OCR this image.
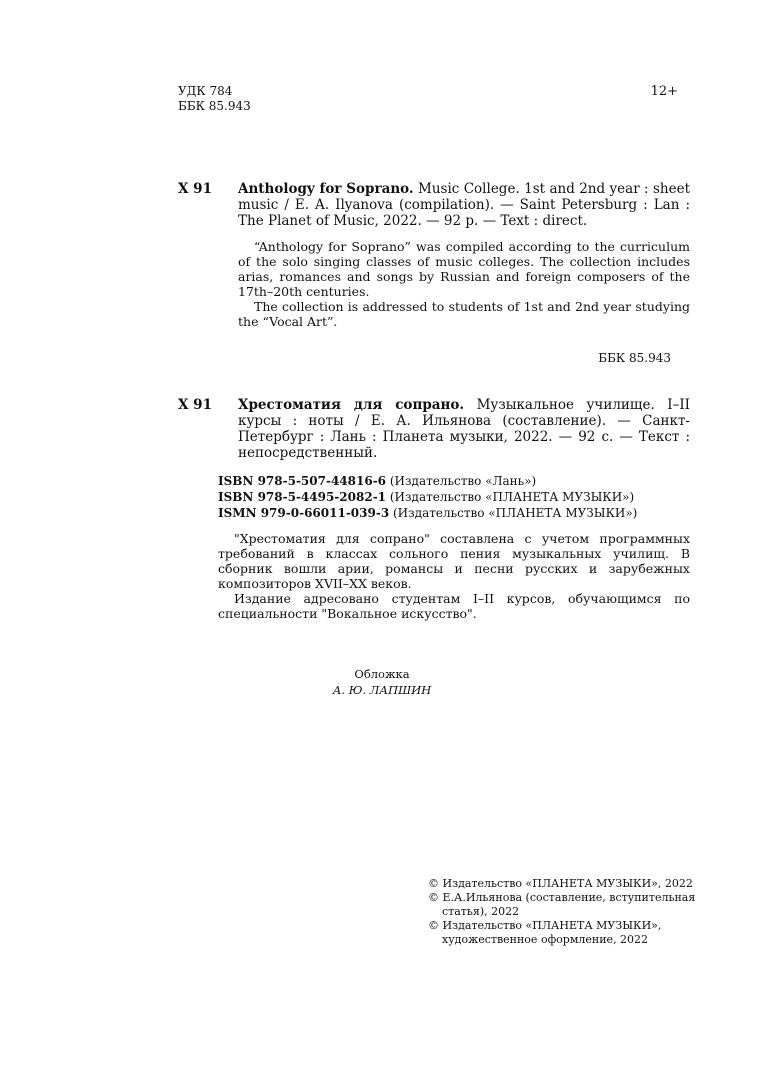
УДК 784
ББК 85.943
12+
Х 91 Anthology for Soprano. Music College. 1st and 2nd year : sheet music / E. A. Ilyanova (compilation). — Saint Petersburg : Lan : The Planet of Music, 2022. — 92 p. — Text : direct.

“Anthology for Soprano” was compiled according to the curriculum of the solo singing classes of music colleges. The collection includes arias, romances and songs by Russian and foreign composers of the 17th–20th centuries.

The collection is addressed to students of 1st and 2nd year studying the “Vocal Art”.

ББК 85.943
Х 91 Хрестоматия для сопрано. Музыкальное училище. I–II курсы : ноты / Е. А. Ильянова (составление). — Санкт-Петербург : Лань : Планета музыки, 2022. — 92 с. — Текст : непосредственный.
ISBN 978-5-507-44816-6 (Издательство «Лань»)
ISBN 978-5-4495-2082-1 (Издательство «ПЛАНЕТА МУЗЫКИ»)
ISMN 979-0-66011-039-3 (Издательство «ПЛАНЕТА МУЗЫКИ»)

"Хрестоматия для сопрано" составлена с учетом программных требований в классах сольного пения музыкальных училищ. В сборник вошли арии, романсы и песни русских и зарубежных композиторов XVII–XX веков.

Издание адресовано студентам I–II курсов, обучающимся по специальности "Вокальное искусство".

Обложка
А. Ю. ЛАПШИН
© Издательство «ПЛАНЕТА МУЗЫКИ», 2022
© Е.А.Ильянова (составление, вступительная статья), 2022
© Издательство «ПЛАНЕТА МУЗЫКИ», художественное оформление, 2022
